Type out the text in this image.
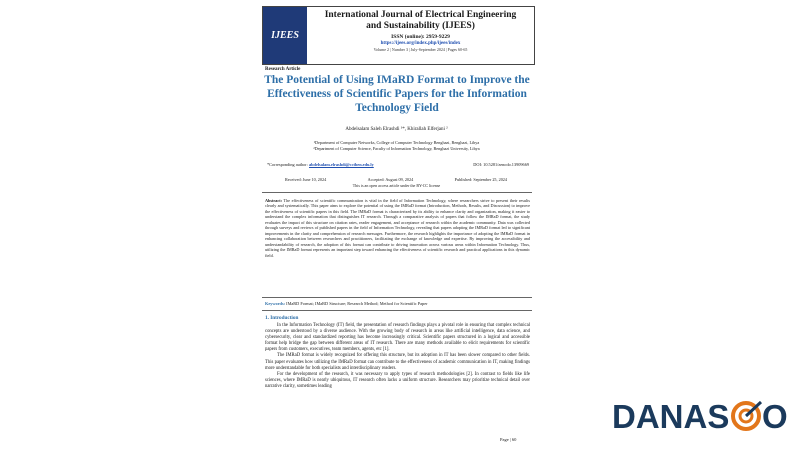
IJEES
International Journal of Electrical Engineering
and Sustainability (IJEES)
ISSN (online): 2959-9229
https://ijees.org/index.php/ijees/index
Volume 2 | Number 3 | July-September 2024 | Pages 60-65
Research Article
The Potential of Using IMaRD Format to Improve the
Effectiveness of Scientific Papers for the Information
Technology Field
Abdelsalam Saleh Elrashdi ¹*, Khirallah Elferjani ²
¹Department of Computer Networks, College of Computer Technology Benghazi, Benghazi, Libya
²Department of Computer Science, Faculty of Information Technology, Benghazi University, Libya
*Corresponding author: abdelsalam.elrashdi@cctben.edu.ly	DOI: 10.5281/zenodo.13909669
Received: June 10, 2024	Accepted: August 09, 2024	Published: September 25, 2024
This is an open access article under the BY-CC license
Abstract: The effectiveness of scientific communication is vital in the field of Information Technology, where researchers strive to present their results clearly and systematically. This paper aims to explore the potential of using the IMRaD format (Introduction, Methods, Results, and Discussion) to improve the effectiveness of scientific papers in this field. The IMRaD format is characterized by its ability to enhance clarity and organization, making it easier to understand the complex information that distinguishes IT research. Through a comparative analysis of papers that follow the IMRaD format, the study evaluates the impact of this structure on citation rates, reader engagement, and acceptance of research within the academic community. Data was collected through surveys and reviews of published papers in the field of Information Technology, revealing that papers adopting the IMRaD format led to significant improvements in the clarity and comprehension of research messages. Furthermore, the research highlights the importance of adopting the IMRaD format in enhancing collaboration between researchers and practitioners, facilitating the exchange of knowledge and expertise. By improving the accessibility and understandability of research, the adoption of this format can contribute to driving innovation across various areas within Information Technology. Thus, utilizing the IMRaD format represents an important step toward enhancing the effectiveness of scientific research and practical applications in this dynamic field.
Keywords: IMaRD Format; IMaRD Structure; Research Method; Method for Scientific Paper
1. Introduction

In the Information Technology (IT) field, the presentation of research findings plays a pivotal role in ensuring that complex technical concepts are understood by a diverse audience. With the growing body of research in areas like artificial intelligence, data science, and cybersecurity, clear and standardized reporting has become increasingly critical. Scientific papers structured in a logical and accessible format help bridge the gap between different areas of IT research. There are many methods available to elicit requirements for scientific papers from customers, executives, team members, agents, etc [1].

The IMRaD format is widely recognized for offering this structure, but its adoption in IT has been slower compared to other fields. This paper evaluates how utilizing the IMRaD format can contribute to the effectiveness of academic communication in IT, making findings more understandable for both specialists and interdisciplinary readers.

For the development of the research, it was necessary to apply types of research methodologies [2]. In contrast to fields like life sciences, where IMRaD is nearly ubiquitous, IT research often lacks a uniform structure. Researchers may prioritize technical detail over narrative clarity, sometimes leading

Page | 60
DANAS O
